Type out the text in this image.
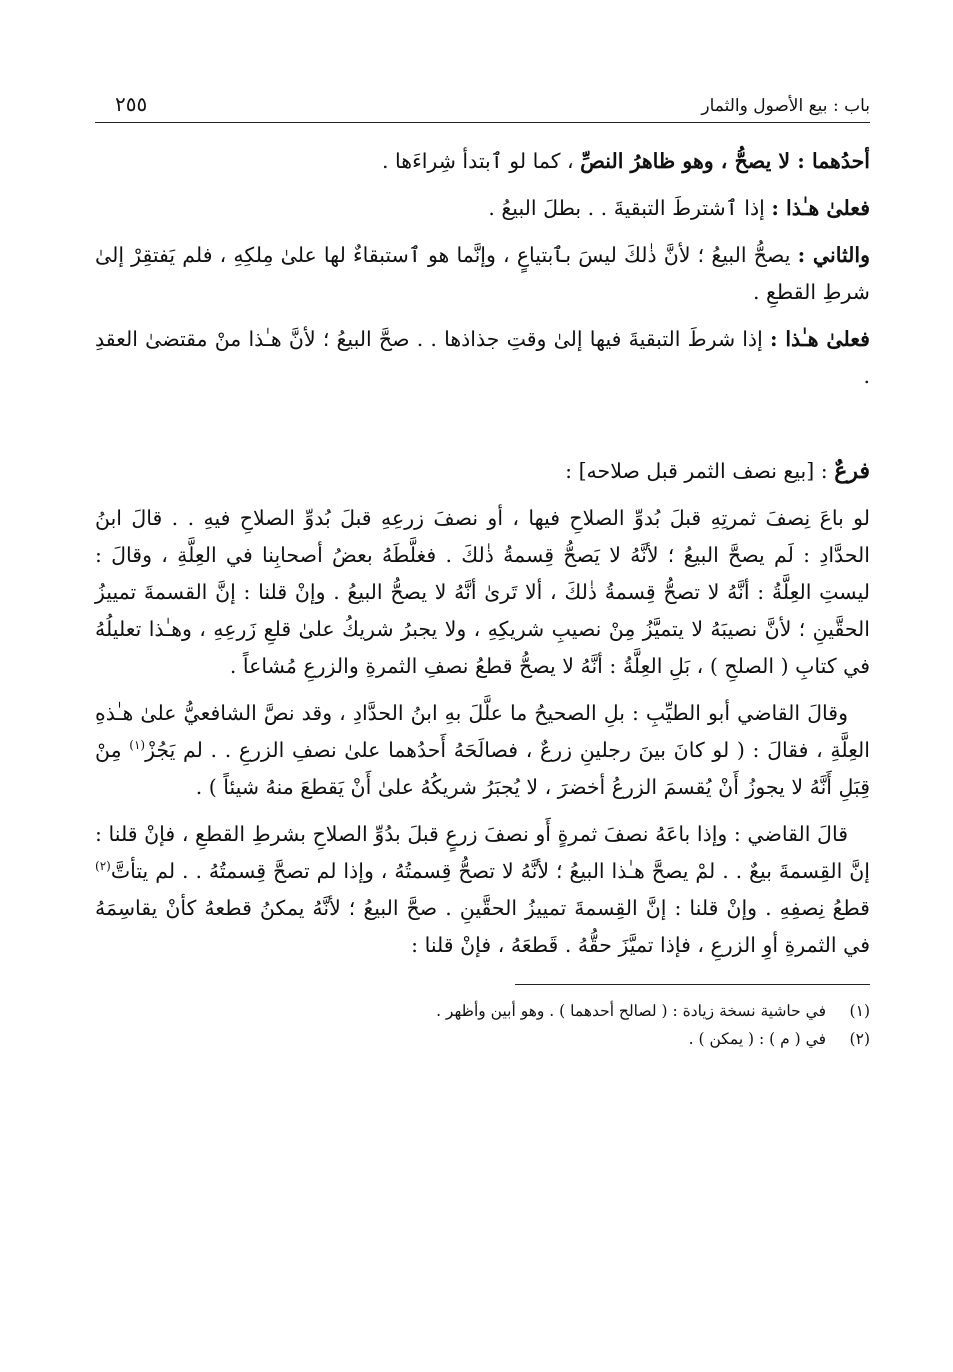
باب : بيع الأصول والثمار
٢٥٥

أحدُهما : لا يصحُّ ، وهو ظاهرُ النصِّ ، كما لو ٱبتدأ شِراءَها .

فعلىٰ هـٰذا : إذا ٱشترطَ التبقيةَ . . بطلَ البيعُ .

والثاني : يصحُّ البيعُ ؛ لأنَّ ذٰلكَ ليسَ بٱبتياعٍ ، وإنَّما هو ٱستبقاءٌ لها علىٰ مِلكِهِ ، فلم يَفتقِرْ إلىٰ شرطِ القطعِ .

فعلىٰ هـٰذا : إذا شرطَ التبقيةَ فيها إلىٰ وقتِ جذاذها . . صحَّ البيعُ ؛ لأنَّ هـٰذا منْ مقتضىٰ العقدِ .

فرعٌ : [بيع نصف الثمر قبل صلاحه] :

لو باعَ نِصفَ ثمرتِهِ قبلَ بُدوِّ الصلاحِ فيها ، أو نصفَ زرعِهِ قبلَ بُدوِّ الصلاحِ فيهِ . . قالَ ابنُ الحدَّادِ : لَم يصحَّ البيعُ ؛ لأنَّهُ لا يَصحُّ قِسمةُ ذٰلكَ . فغلَّطَهُ بعضُ أصحابِنا في العِلَّةِ ، وقالَ : ليستِ العِلَّةُ : أنَّهُ لا تصحُّ قِسمةُ ذٰلكَ ، ألا تَرىٰ أنَّهُ لا يصحُّ البيعُ . وإنْ قلنا : إنَّ القسمةَ تمييزُ الحقَّينِ ؛ لأنَّ نصيبَهُ لا يتميَّزُ مِنْ نصيبِ شريكِهِ ، ولا يجبرُ شريكُ علىٰ قلعِ زَرعِهِ ، وهـٰذا تعليلُهُ في كتابِ ( الصلحِ ) ، بَلِ العِلَّةُ : أنَّهُ لا يصحُّ قطعُ نصفِ الثمرةِ والزرعِ مُشاعاً .

وقالَ القاضي أبو الطيِّبِ : بلِ الصحيحُ ما علَّلَ بهِ ابنُ الحدَّادِ ، وقد نصَّ الشافعيُّ علىٰ هـٰذهِ العِلَّةِ ، فقالَ : ( لو كانَ بينَ رجلينِ زرعٌ ، فصالَحَهُ أَحدُهما علىٰ نصفِ الزرعِ . . لم يَجُزْ$^{(١)}$ مِنْ قِبَلِ أَنَّهُ لا يجوزُ أَنْ يُقسمَ الزرعُ أخضرَ ، لا يُجبَرُ شريكُهُ علىٰ أَنْ يَقطعَ منهُ شيئاً ) .

قالَ القاضي : وإذا باعَهُ نصفَ ثمرةٍ أَو نصفَ زرعٍ قبلَ بدُوِّ الصلاحِ بشرطِ القطعِ ، فإنْ قلنا : إنَّ القِسمةَ بيعٌ . . لمْ يصحَّ هـٰذا البيعُ ؛ لأنَّهُ لا تصحُّ قِسمتُهُ ، وإذا لم تصحَّ قِسمتُهُ . . لم يتأتَّ$^{(٢)}$ قطعُ نِصفِهِ . وإنْ قلنا : إنَّ القِسمةَ تمييزُ الحقَّينِ . صحَّ البيعُ ؛ لأنَّهُ يمكنُ قطعهُ كأنْ يقاسِمَهُ في الثمرةِ أوِ الزرعِ ، فإذا تميَّزَ حقُّهُ . قَطعَهُ ، فإنْ قلنا :

(١)
في حاشية نسخة زيادة : ( لصالح أحدهما ) . وهو أبين وأظهر .
(٢)
في ( م ) : ( يمكن ) .
